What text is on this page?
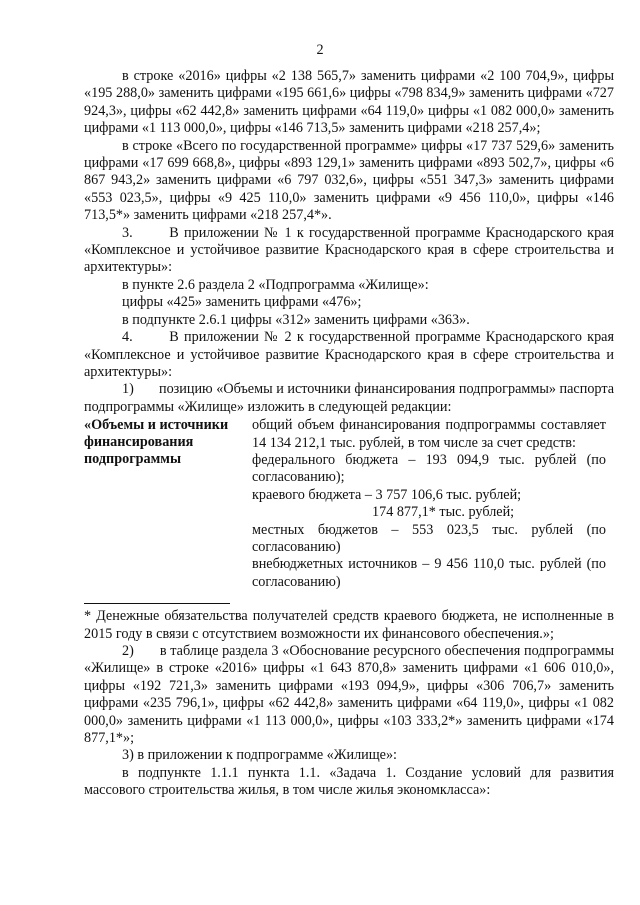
2

в строке «2016» цифры «2 138 565,7» заменить цифрами «2 100 704,9», цифры «195 288,0» заменить цифрами «195 661,6» цифры «798 834,9» заменить цифрами «727 924,3», цифры «62 442,8» заменить цифрами «64 119,0» цифры «1 082 000,0» заменить цифрами «1 113 000,0», цифры «146 713,5» заменить цифрами «218 257,4»;

в строке «Всего по государственной программе» цифры «17 737 529,6» заменить цифрами «17 699 668,8», цифры «893 129,1» заменить цифрами «893 502,7», цифры «6 867 943,2» заменить цифрами «6 797 032,6», цифры «551 347,3» заменить цифрами «553 023,5», цифры «9 425 110,0» заменить цифрами «9 456 110,0», цифры «146 713,5*» заменить цифрами «218 257,4*».

3.       В приложении № 1 к государственной программе Краснодарского края «Комплексное и устойчивое развитие Краснодарского края в сфере строительства и архитектуры»:

в пункте 2.6 раздела 2 «Подпрограмма «Жилище»:

цифры «425» заменить цифрами «476»;

в подпункте 2.6.1 цифры «312» заменить цифрами «363».

4.       В приложении № 2 к государственной программе Краснодарского края «Комплексное и устойчивое развитие Краснодарского края в сфере строительства и архитектуры»:

1)       позицию «Объемы и источники финансирования подпрограммы» паспорта подпрограммы «Жилище» изложить в следующей редакции:

«Объемы и источники финансирования подпрограммы

общий объем финансирования подпрограммы составляет 14 134 212,1 тыс. рублей, в том числе за счет средств:

федерального бюджета – 193 094,9 тыс. рублей (по согласованию);

краевого бюджета – 3 757 106,6 тыс. рублей;

174 877,1* тыс. рублей;

местных бюджетов – 553 023,5 тыс. рублей (по согласованию)

внебюджетных источников – 9 456 110,0 тыс. рублей (по согласованию)

* Денежные обязательства получателей средств краевого бюджета, не исполненные в 2015 году в связи с отсутствием возможности их финансового обеспечения.»;

2)       в таблице раздела 3 «Обоснование ресурсного обеспечения подпрограммы «Жилище» в строке «2016» цифры «1 643 870,8» заменить цифрами «1 606 010,0», цифры «192 721,3» заменить цифрами «193 094,9», цифры «306 706,7» заменить цифрами «235 796,1», цифры «62 442,8» заменить цифрами «64 119,0», цифры «1 082 000,0» заменить цифрами «1 113 000,0», цифры «103 333,2*» заменить цифрами «174 877,1*»;

3) в приложении к подпрограмме «Жилище»:

в подпункте 1.1.1 пункта 1.1. «Задача 1. Создание условий для развития массового строительства жилья, в том числе жилья экономкласса»:
